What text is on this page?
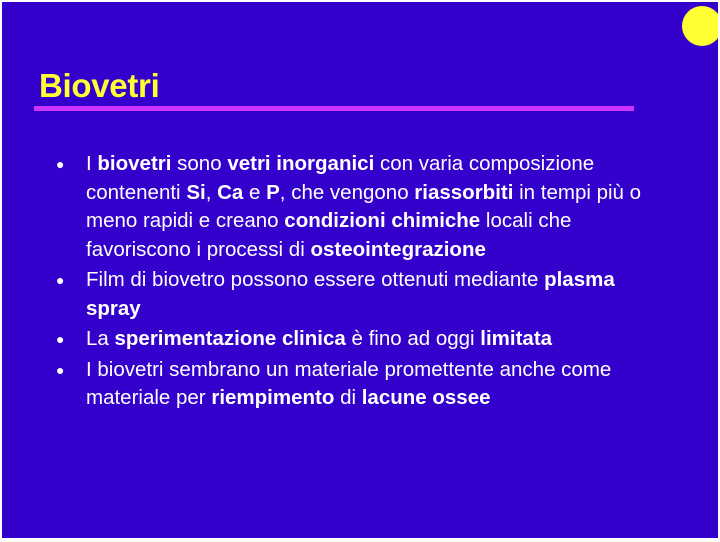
Biovetri
● I biovetri sono vetri inorganici con varia composizione contenenti Si, Ca e P, che vengono riassorbiti in tempi più o meno rapidi e creano condizioni chimiche locali che favoriscono i processi di osteointegrazione
● Film di biovetro possono essere ottenuti mediante plasma spray
● La sperimentazione clinica è fino ad oggi limitata
● I biovetri sembrano un materiale promettente anche come materiale per riempimento di lacune ossee
